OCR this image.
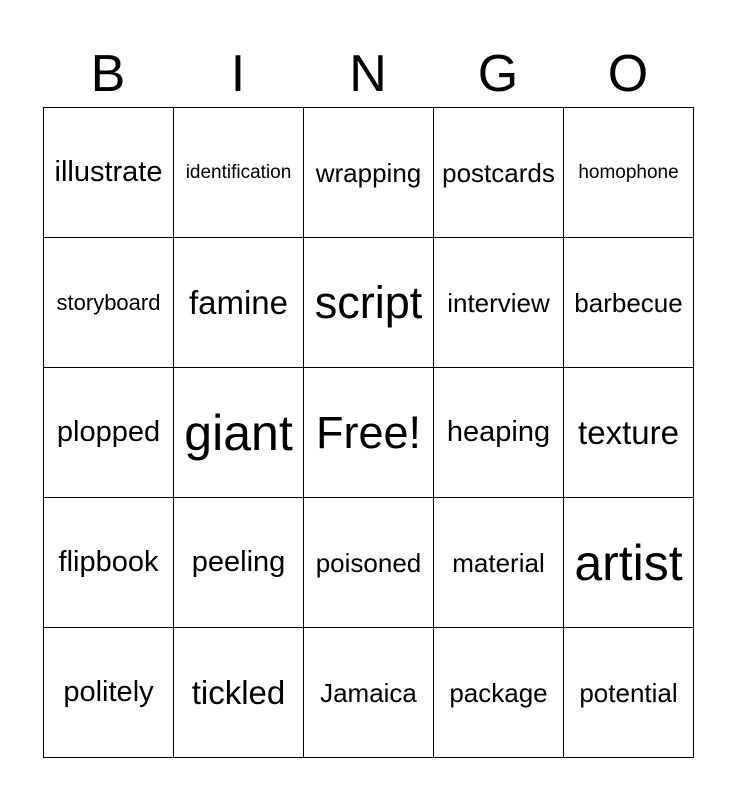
B	I	N	G	O
illustrate identification wrapping postcards homophone
storyboard famine script interview barbecue
plopped giant Free! heaping texture
flipbook peeling poisoned material artist
politely tickled Jamaica package potential
